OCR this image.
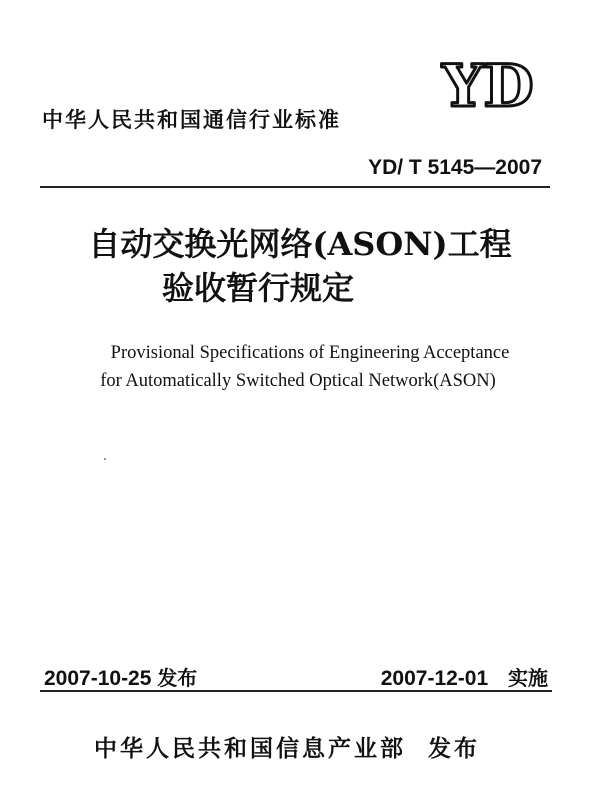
YD
中华人民共和国通信行业标准
YD/ T 5145—2007
自动交换光网络(ASON)工程
验收暂行规定
Provisional Specifications of Engineering Acceptance
for Automatically Switched Optical Network(ASON)
2007-10-25 发布	2007-12-01 实施
中华人民共和国信息产业部 发布
